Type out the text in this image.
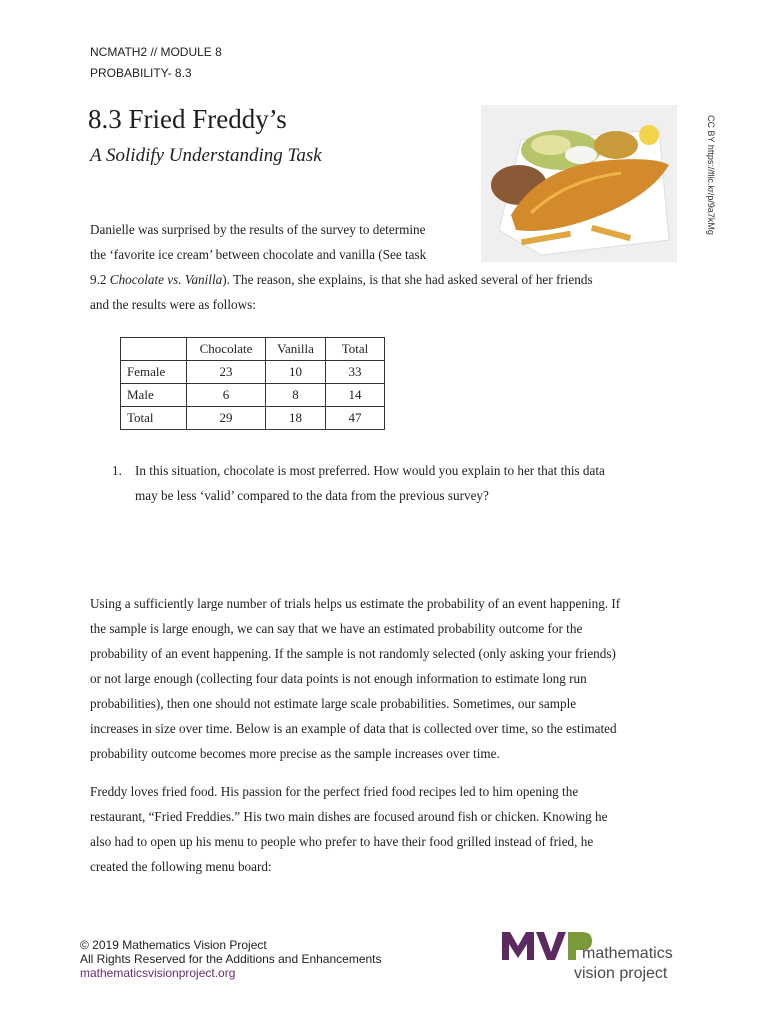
NCMATH2 // MODULE 8
PROBABILITY- 8.3
8.3 Fried Freddy’s
A Solidify Understanding Task	CC BY https://flic.kr/p/9a7kMg
Danielle was surprised by the results of the survey to determine
the ‘favorite ice cream’ between chocolate and vanilla (See task
9.2 Chocolate vs. Vanilla). The reason, she explains, is that she had asked several of her friends
and the results were as follows:
	Chocolate	Vanilla	Total
Female	23	10	33
Male	6	8	14
Total	29	18	47
1. In this situation, chocolate is most preferred. How would you explain to her that this data
may be less ‘valid’ compared to the data from the previous survey?
Using a sufficiently large number of trials helps us estimate the probability of an event happening. If
the sample is large enough, we can say that we have an estimated probability outcome for the
probability of an event happening. If the sample is not randomly selected (only asking your friends)
or not large enough (collecting four data points is not enough information to estimate long run
probabilities), then one should not estimate large scale probabilities. Sometimes, our sample
increases in size over time. Below is an example of data that is collected over time, so the estimated
probability outcome becomes more precise as the sample increases over time.
Freddy loves fried food. His passion for the perfect fried food recipes led to him opening the
restaurant, “Fried Freddies.” His two main dishes are focused around fish or chicken. Knowing he
also had to open up his menu to people who prefer to have their food grilled instead of fried, he
created the following menu board:
© 2019 Mathematics Vision Project
All Rights Reserved for the Additions and Enhancements
mathematicsvisionproject.org
mathematics
vision project
